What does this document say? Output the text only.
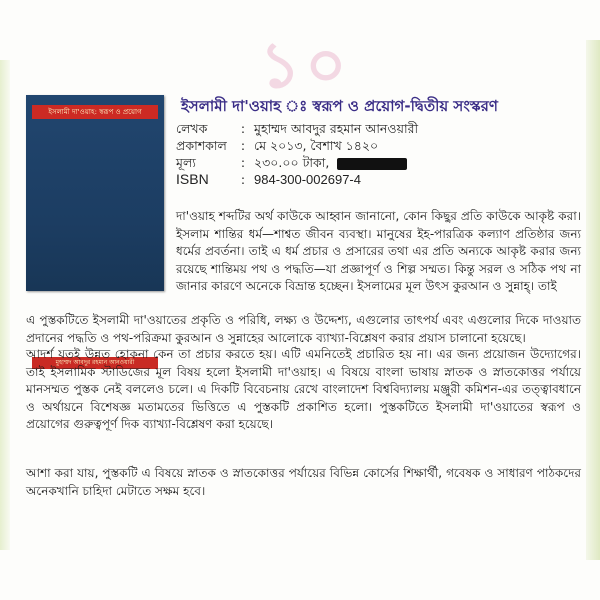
১০
ইসলামী দা'ওয়াহ: স্বরূপ ও প্রয়োগ
মুহাম্মদ আবদুর রহমান আনওয়ারী
ইসলামী দা'ওয়াহ ঃ স্বরূপ ও প্রয়োগ-দ্বিতীয় সংস্করণ
লেখক	: মুহাম্মদ আবদুর রহমান আনওয়ারী
প্রকাশকাল	: মে ২০১৩, বৈশাখ ১৪২০
মূল্য	: ২৩০.০০ টাকা,
ISBN	: 984-300-002697-4
দা'ওয়াহ শব্দটির অর্থ কাউকে আহ্বান জানানো, কোন কিছুর প্রতি কাউকে আকৃষ্ট করা। ইসলাম শান্তির ধর্ম—শাশ্বত জীবন ব্যবস্থা। মানুষের ইহ-পারত্রিক কল্যাণ প্রতিষ্ঠার জন্য ধর্মের প্রবর্তনা। তাই এ ধর্ম প্রচার ও প্রসারের তথা এর প্রতি অন্যকে আকৃষ্ট করার জন্য রয়েছে শান্তিময় পথ ও পদ্ধতি—যা প্রজ্ঞাপূর্ণ ও শিল্প সম্মত। কিন্তু সরল ও সঠিক পথ না জানার কারণে অনেকে বিভ্রান্ত হচ্ছেন। ইসলামের মূল উৎস কুরআন ও সুন্নাহ্। তাই
এ পুস্তকটিতে ইসলামী দা'ওয়াতের প্রকৃতি ও পরিধি, লক্ষ্য ও উদ্দেশ্য, এগুলোর তাৎপর্য এবং এগুলোর দিকে দাওয়াত প্রদানের পদ্ধতি ও পথ-পরিক্রমা কুরআন ও সুন্নাহের আলোকে ব্যাখ্যা-বিশ্লেষণ করার প্রয়াস চালানো হয়েছে।
আদর্শ যতই উন্নত হোকনা কেন তা প্রচার করতে হয়। এটি এমনিতেই প্রচারিত হয় না। এর জন্য প্রয়োজন উদ্যোগের। তাই ইসলামিক স্টাডিজের মূল বিষয় হলো ইসলামী দা'ওয়াহ। এ বিষয়ে বাংলা ভাষায় স্নাতক ও স্নাতকোত্তর পর্যায়ে মানসম্মত পুস্তক নেই বললেও চলে। এ দিকটি বিবেচনায় রেখে বাংলাদেশ বিশ্ববিদ্যালয় মঞ্জুরী কমিশন-এর তত্ত্বাবধানে ও অর্থায়নে বিশেষজ্ঞ মতামতের ভিত্তিতে এ পুস্তকটি প্রকাশিত হলো। পুস্তকটিতে ইসলামী দা'ওয়াতের স্বরূপ ও প্রয়োগের গুরুত্বপূর্ণ দিক ব্যাখ্যা-বিশ্লেষণ করা হয়েছে।
আশা করা যায়, পুস্তকটি এ বিষয়ে স্নাতক ও স্নাতকোত্তর পর্যায়ের বিভিন্ন কোর্সের শিক্ষার্থী, গবেষক ও সাধারণ পাঠকদের অনেকখানি চাহিদা মেটাতে সক্ষম হবে।
